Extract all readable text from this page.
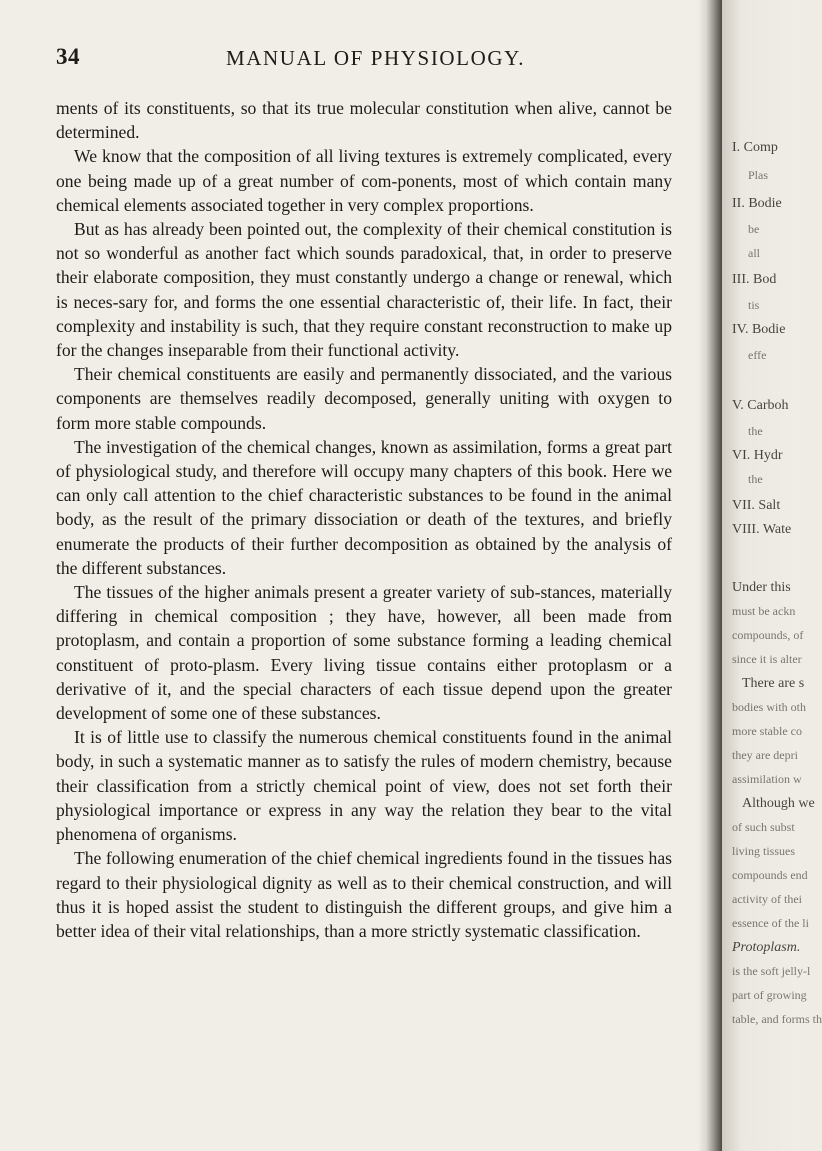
34	MANUAL OF PHYSIOLOGY.

ments of its constituents, so that its true molecular constitution when alive, cannot be determined.

We know that the composition of all living textures is extremely complicated, every one being made up of a great number of com-ponents, most of which contain many chemical elements associated together in very complex proportions.

But as has already been pointed out, the complexity of their chemical constitution is not so wonderful as another fact which sounds paradoxical, that, in order to preserve their elaborate composition, they must constantly undergo a change or renewal, which is neces-sary for, and forms the one essential characteristic of, their life. In fact, their complexity and instability is such, that they require constant reconstruction to make up for the changes inseparable from their functional activity.

Their chemical constituents are easily and permanently dissociated, and the various components are themselves readily decomposed, generally uniting with oxygen to form more stable compounds.

The investigation of the chemical changes, known as assimilation, forms a great part of physiological study, and therefore will occupy many chapters of this book. Here we can only call attention to the chief characteristic substances to be found in the animal body, as the result of the primary dissociation or death of the textures, and briefly enumerate the products of their further decomposition as obtained by the analysis of the different substances.

The tissues of the higher animals present a greater variety of sub-stances, materially differing in chemical composition ; they have, however, all been made from protoplasm, and contain a proportion of some substance forming a leading chemical constituent of proto-plasm. Every living tissue contains either protoplasm or a derivative of it, and the special characters of each tissue depend upon the greater development of some one of these substances.

It is of little use to classify the numerous chemical constituents found in the animal body, in such a systematic manner as to satisfy the rules of modern chemistry, because their classification from a strictly chemical point of view, does not set forth their physiological importance or express in any way the relation they bear to the vital phenomena of organisms.

The following enumeration of the chief chemical ingredients found in the tissues has regard to their physiological dignity as well as to their chemical construction, and will thus it is hoped assist the student to distinguish the different groups, and give him a better idea of their vital relationships, than a more strictly systematic classification.

I. Comp
Plas
II. Bodie
be
all
III. Bod
tis
IV. Bodie
effe
V. Carboh
the
VI. Hydr
the
VII. Salt
VIII. Wate
Under this
must be ackn
compounds, of
since it is alter
There are s
bodies with oth
more stable co
they are depri
assimilation w
Although we
of such subst
living tissues
compounds end
activity of thei
essence of the li
Protoplasm.
is the soft jelly-l
part of growing
table, and forms th
